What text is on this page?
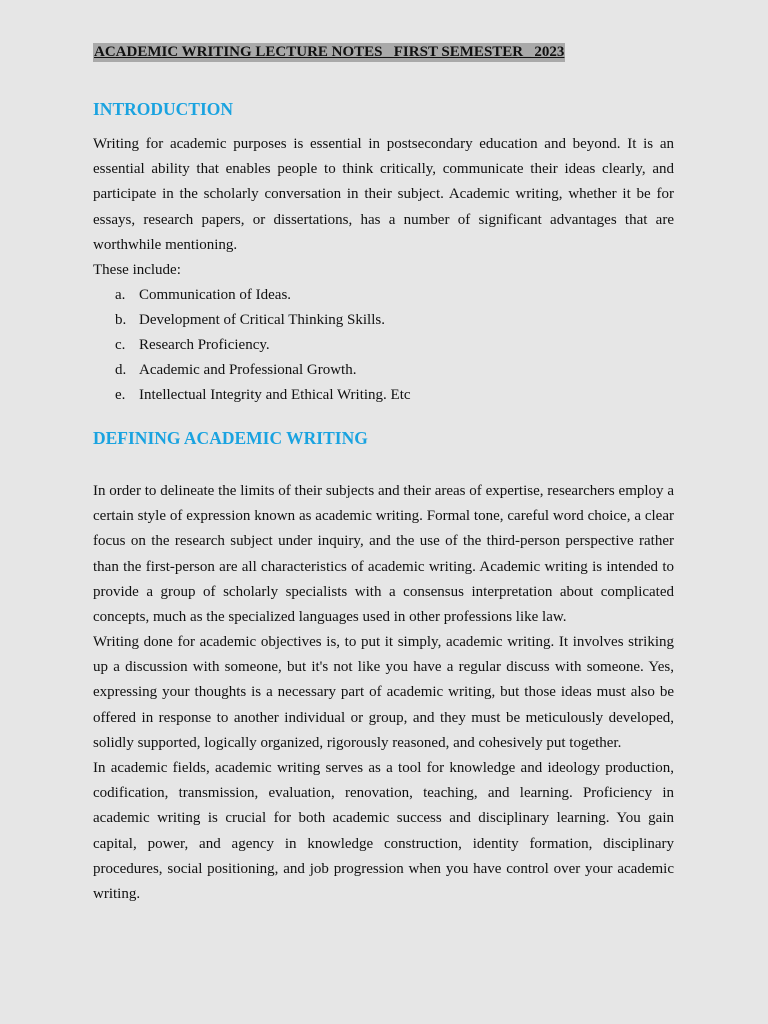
ACADEMIC WRITING LECTURE NOTES_ FIRST SEMESTER_ 2023
INTRODUCTION

Writing for academic purposes is essential in postsecondary education and beyond. It is an essential ability that enables people to think critically, communicate their ideas clearly, and participate in the scholarly conversation in their subject. Academic writing, whether it be for essays, research papers, or dissertations, has a number of significant advantages that are worthwhile mentioning.

These include:

a. Communication of Ideas.
b. Development of Critical Thinking Skills.
c. Research Proficiency.
d. Academic and Professional Growth.
e. Intellectual Integrity and Ethical Writing. Etc
DEFINING ACADEMIC WRITING

In order to delineate the limits of their subjects and their areas of expertise, researchers employ a certain style of expression known as academic writing. Formal tone, careful word choice, a clear focus on the research subject under inquiry, and the use of the third-person perspective rather than the first-person are all characteristics of academic writing. Academic writing is intended to provide a group of scholarly specialists with a consensus interpretation about complicated concepts, much as the specialized languages used in other professions like law.

Writing done for academic objectives is, to put it simply, academic writing. It involves striking up a discussion with someone, but it's not like you have a regular discuss with someone. Yes, expressing your thoughts is a necessary part of academic writing, but those ideas must also be offered in response to another individual or group, and they must be meticulously developed, solidly supported, logically organized, rigorously reasoned, and cohesively put together.

In academic fields, academic writing serves as a tool for knowledge and ideology production, codification, transmission, evaluation, renovation, teaching, and learning. Proficiency in academic writing is crucial for both academic success and disciplinary learning. You gain capital, power, and agency in knowledge construction, identity formation, disciplinary procedures, social positioning, and job progression when you have control over your academic writing.
